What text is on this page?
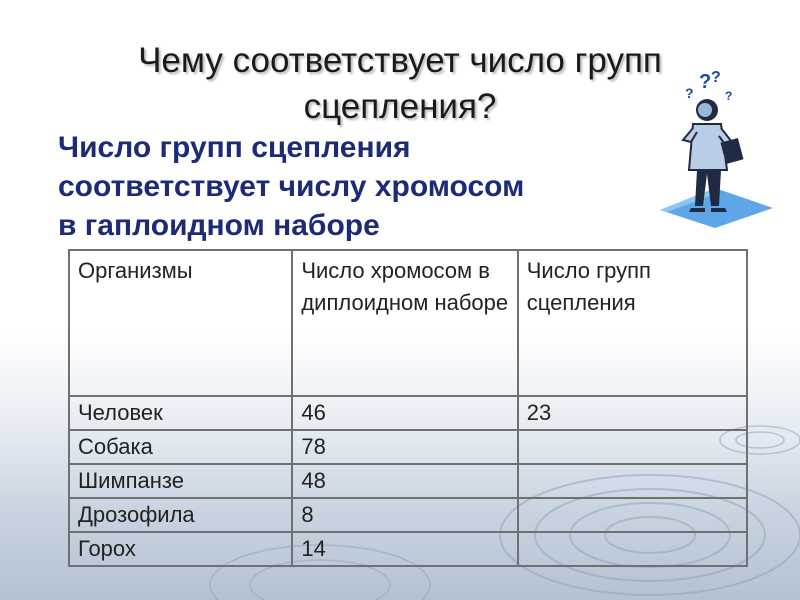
Чему соответствует число групп сцепления?
Число групп сцепления
соответствует числу хромосом
в гаплоидном наборе
? ?
?	?
Организмы	Число хромосом в диплоидном наборе	Число групп сцепления
Человек	46	23
Собака	78	
Шимпанзе	48	
Дрозофила	8	
Горох	14	
